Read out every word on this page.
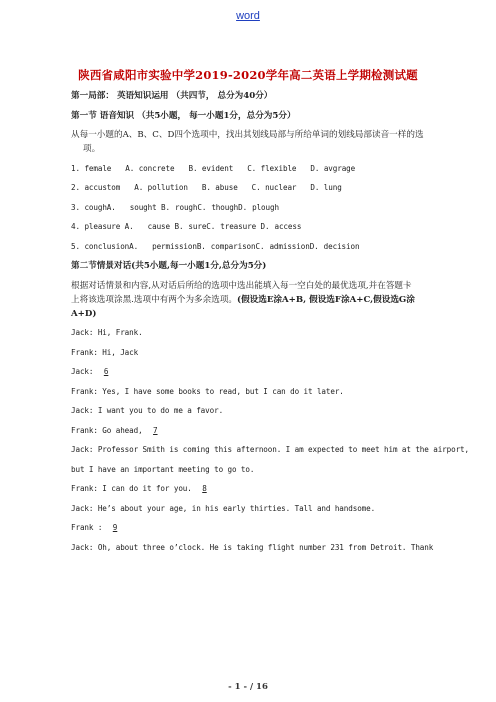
word
陕西省咸阳市实验中学2019-2020学年高二英语上学期检测试题
第一局部： 英语知识运用 （共四节， 总分为40分）
第一节 语音知识 （共5小题， 每一小题1分，总分为5分）
从每一小题的A、B、C、D四个选项中，找出其划线局部与所给单词的划线局部读音一样的选
项。
1. female A. concrete B. evident C. flexible D. avgrage
2. accustom A. pollution B. abuse C. nuclear D. lung
3. coughA. sought B. roughC. thoughD. plough
4. pleasure A. cause B. sureC. treasure D. access
5. conclusionA. permissionB. comparisonC. admissionD. decision
第二节情景对话(共5小题,每一小题1分,总分为5分)
根据对话情景和内容,从对话后所给的选项中选出能填入每一空白处的最优选项,并在答题卡
上将该选项涂黑.选项中有两个为多余选项。(假设选E涂A+B, 假设选F涂A+C,假设选G涂
A+D)
Jack: Hi, Frank.
Frank: Hi, Jack
Jack: 6
Frank: Yes, I have some books to read, but I can do it later.
Jack: I want you to do me a favor.
Frank: Go ahead, 7
Jack: Professor Smith is coming this afternoon. I am expected to meet him at the airport,
but I have an important meeting to go to.
Frank: I can do it for you. 8
Jack: He’s about your age, in his early thirties. Tall and handsome.
Frank : 9
Jack: Oh, about three o’clock. He is taking flight number 231 from Detroit. Thank
- 1 - / 16
